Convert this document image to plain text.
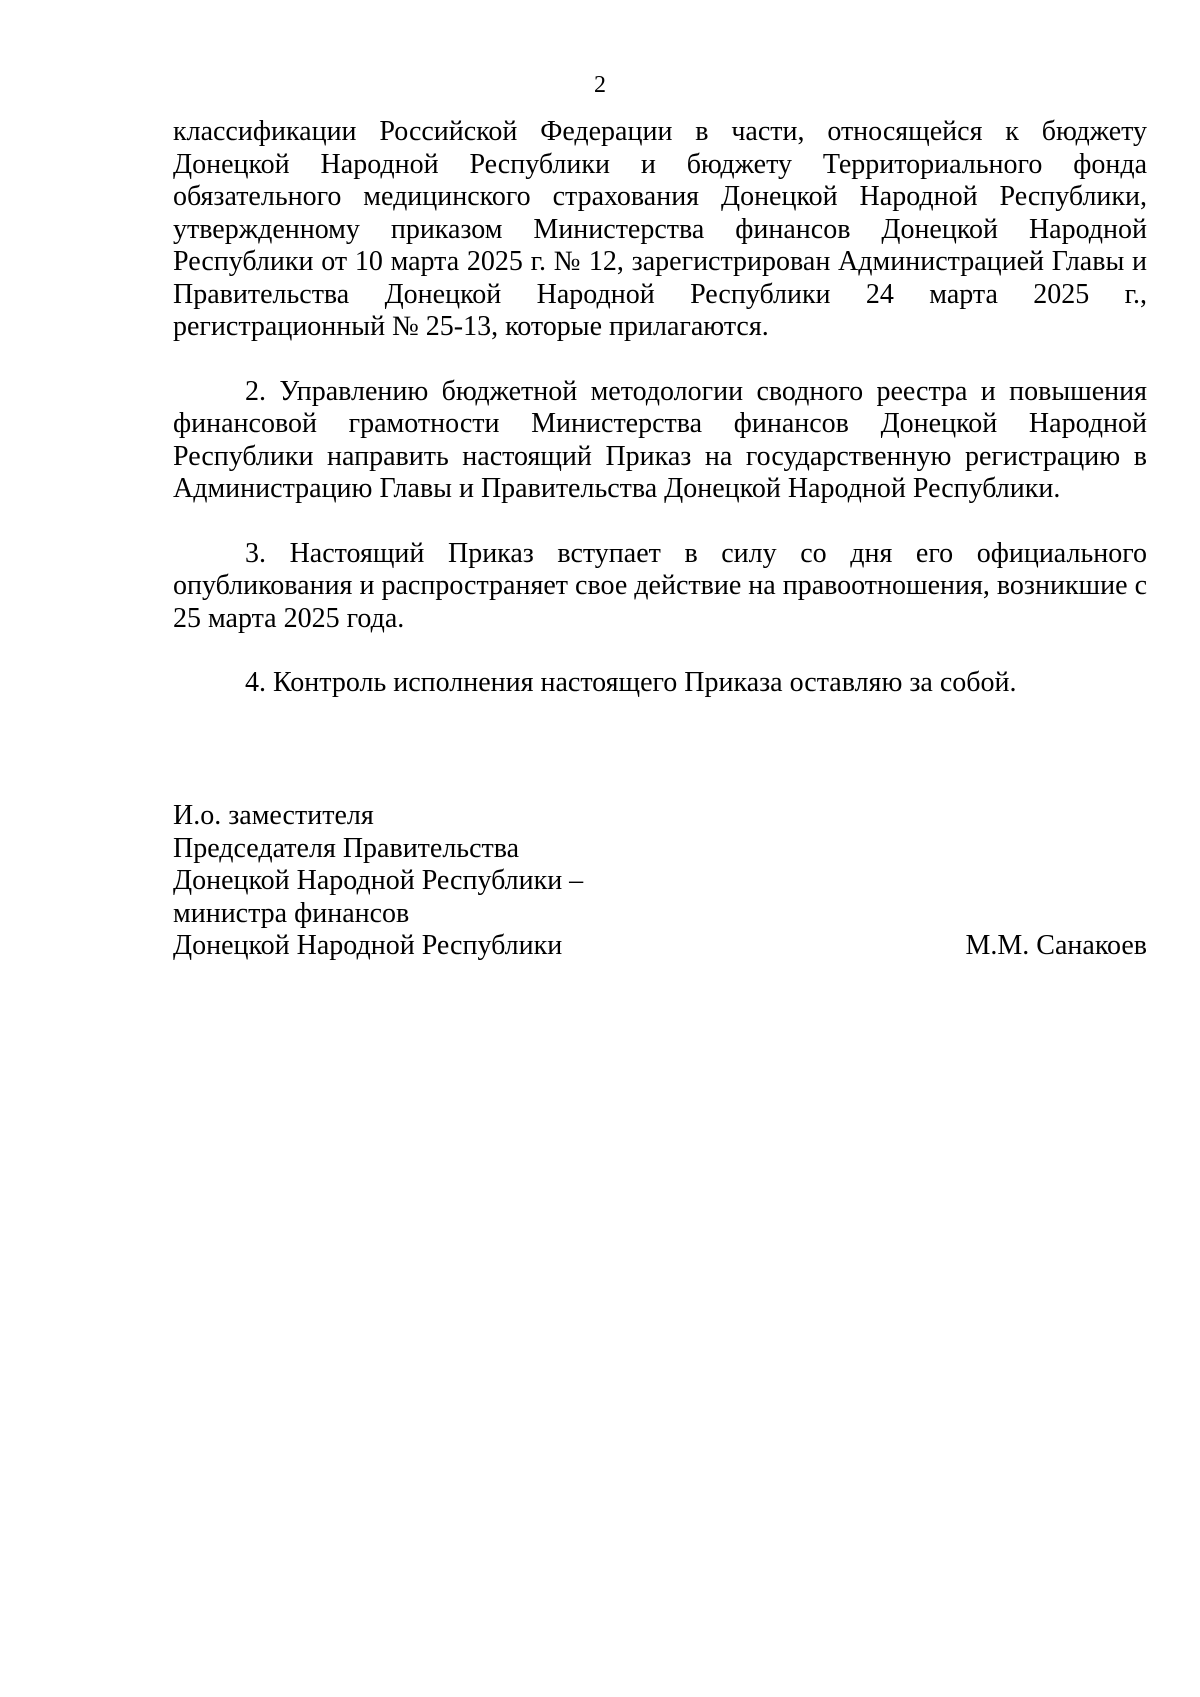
2

классификации Российской Федерации в части, относящейся к бюджету Донецкой Народной Республики и бюджету Территориального фонда обязательного медицинского страхования Донецкой Народной Республики, утвержденному приказом Министерства финансов Донецкой Народной Республики от 10 марта 2025 г. № 12, зарегистрирован Администрацией Главы и Правительства Донецкой Народной Республики 24 марта 2025 г., регистрационный № 25-13, которые прилагаются.

2. Управлению бюджетной методологии сводного реестра и повышения финансовой грамотности Министерства финансов Донецкой Народной Республики направить настоящий Приказ на государственную регистрацию в Администрацию Главы и Правительства Донецкой Народной Республики.

3. Настоящий Приказ вступает в силу со дня его официального опубликования и распространяет свое действие на правоотношения, возникшие с 25 марта 2025 года.

4. Контроль исполнения настоящего Приказа оставляю за собой.

И.о. заместителя
Председателя Правительства
Донецкой Народной Республики –
министра финансов
Донецкой Народной Республики	М.М. Санакоев
